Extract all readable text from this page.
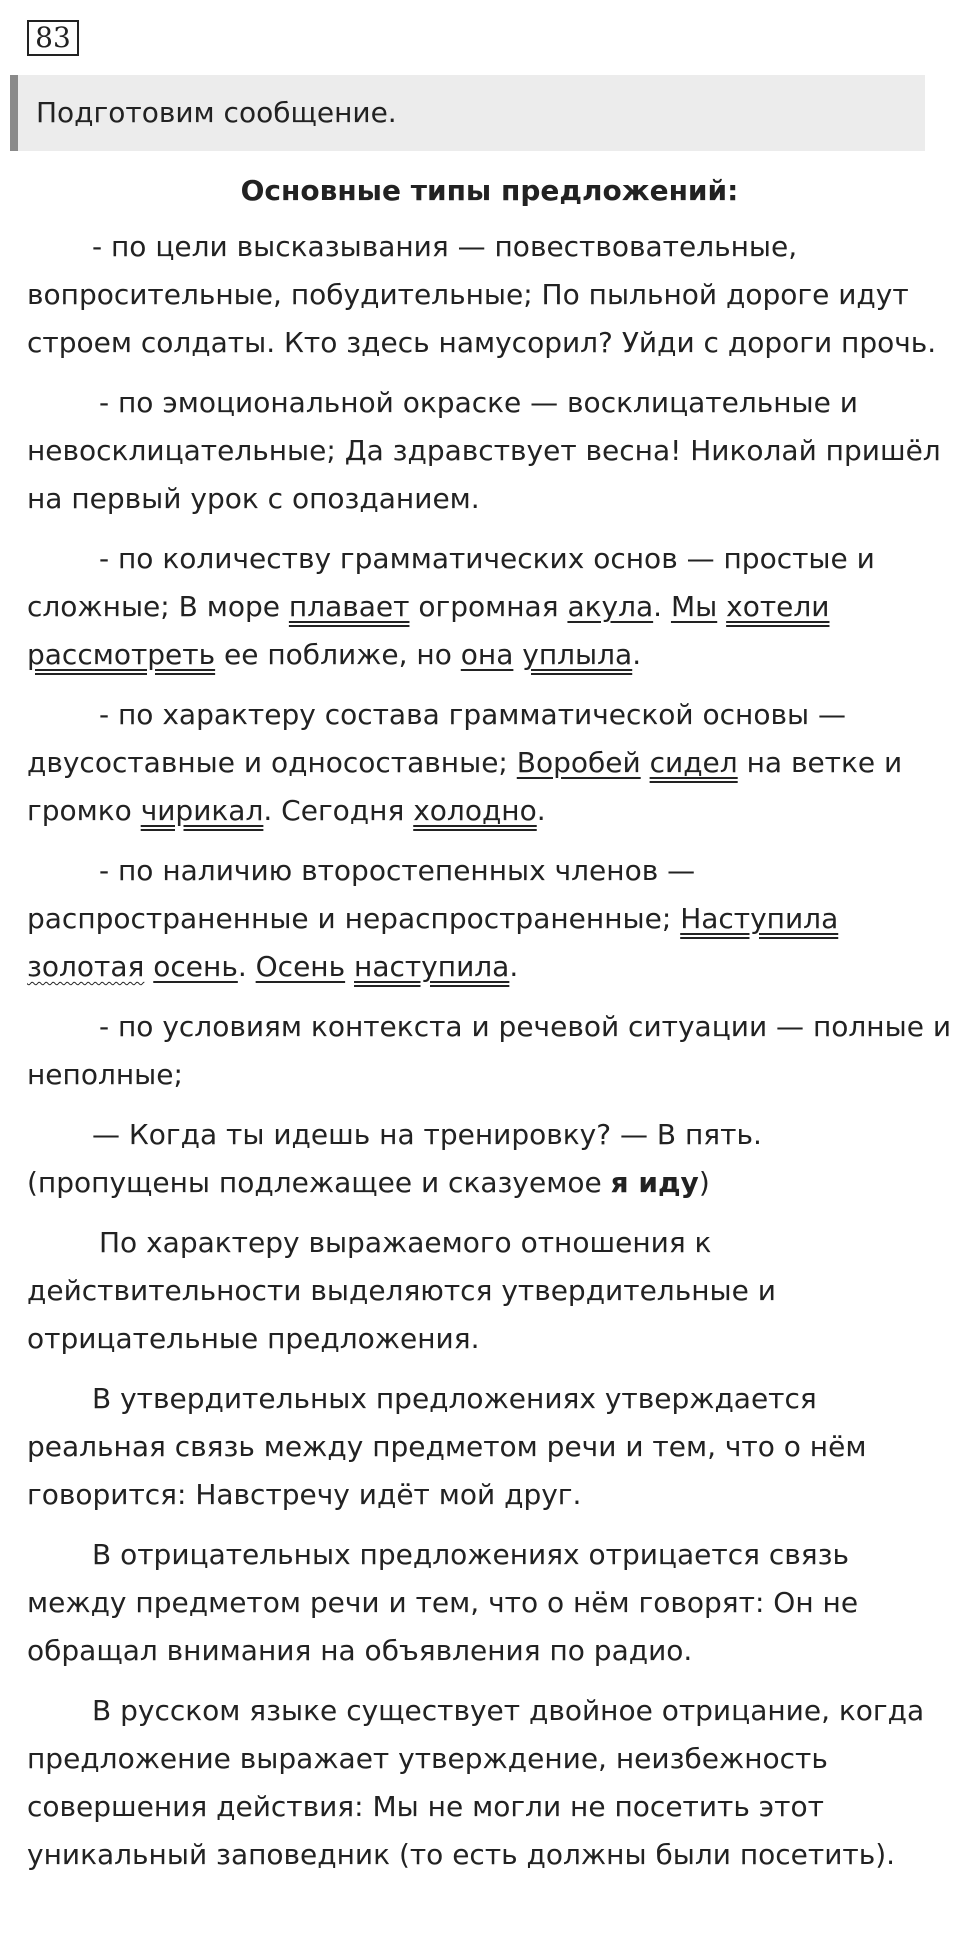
83
Подготовим сообщение.
Основные типы предложений:

- по цели высказывания — повествовательные, вопросительные, побудительные; По пыльной дороге идут строем солдаты. Кто здесь намусорил? Уйди с дороги прочь.

- по эмоциональной окраске — восклицательные и невосклицательные; Да здравствует весна! Николай пришёл на первый урок с опозданием.

- по количеству грамматических основ — простые и сложные; В море плавает огромная акула. Мы хотели рассмотреть ее поближе, но она уплыла.

- по характеру состава грамматической основы — двусоставные и односоставные; Воробей сидел на ветке и громко чирикал. Сегодня холодно.

- по наличию второстепенных членов — распространенные и нераспространенные; Наступила золотая осень. Осень наступила.

- по условиям контекста и речевой ситуации — полные и неполные;

— Когда ты идешь на тренировку? — В пять. (пропущены подлежащее и сказуемое я иду)

По характеру выражаемого отношения к действительности выделяются утвердительные и отрицательные предложения.

В утвердительных предложениях утверждается реальная связь между предметом речи и тем, что о нём говорится: Навстречу идёт мой друг.

В отрицательных предложениях отрицается связь между предметом речи и тем, что о нём говорят: Он не обращал внимания на объявления по радио.

В русском языке существует двойное отрицание, когда предложение выражает утверждение, неизбежность совершения действия: Мы не могли не посетить этот уникальный заповедник (то есть должны были посетить).
